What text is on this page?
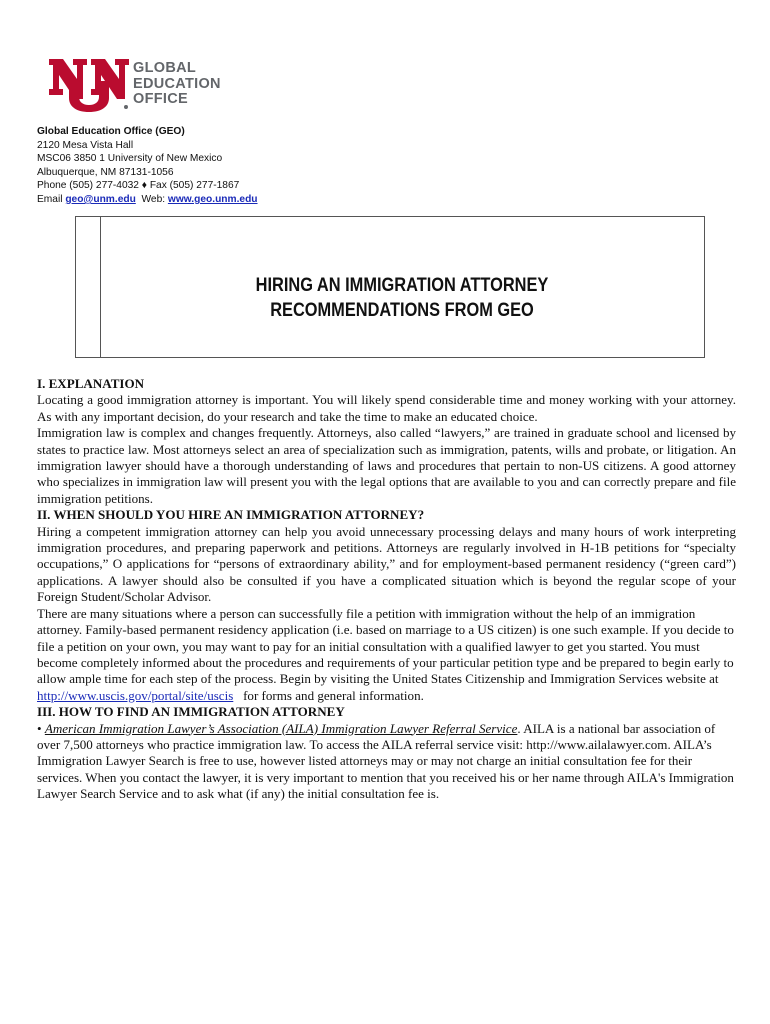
GLOBAL
EDUCATION
OFFICE
Global Education Office (GEO)
2120 Mesa Vista Hall
MSC06 3850 1 University of New Mexico
Albuquerque, NM 87131-1056
Phone (505) 277-4032 ♦ Fax (505) 277-1867
Email geo@unm.edu  Web: www.geo.unm.edu
HIRING AN IMMIGRATION ATTORNEY
RECOMMENDATIONS FROM GEO
I. EXPLANATION

Locating a good immigration attorney is important. You will likely spend considerable time and money working with your attorney. As with any important decision, do your research and take the time to make an educated choice.

Immigration law is complex and changes frequently. Attorneys, also called “lawyers,” are trained in graduate school and licensed by states to practice law. Most attorneys select an area of specialization such as immigration, patents, wills and probate, or litigation. An immigration lawyer should have a thorough understanding of laws and procedures that pertain to non-US citizens. A good attorney who specializes in immigration law will present you with the legal options that are available to you and can correctly prepare and file immigration petitions.

II. WHEN SHOULD YOU HIRE AN IMMIGRATION ATTORNEY?

Hiring a competent immigration attorney can help you avoid unnecessary processing delays and many hours of work interpreting immigration procedures, and preparing paperwork and petitions. Attorneys are regularly involved in H-1B petitions for “specialty occupations,” O applications for “persons of extraordinary ability,” and for employment-based permanent residency (“green card”) applications. A lawyer should also be consulted if you have a complicated situation which is beyond the regular scope of your Foreign Student/Scholar Advisor.

There are many situations where a person can successfully file a petition with immigration without the help of an immigration attorney. Family-based permanent residency application (i.e. based on marriage to a US citizen) is one such example. If you decide to file a petition on your own, you may want to pay for an initial consultation with a qualified lawyer to get you started. You must become completely informed about the procedures and requirements of your particular petition type and be prepared to begin early to allow ample time for each step of the process. Begin by visiting the United States Citizenship and Immigration Services website at http://www.uscis.gov/portal/site/uscis   for forms and general information.

III. HOW TO FIND AN IMMIGRATION ATTORNEY

• American Immigration Lawyer’s Association (AILA) Immigration Lawyer Referral Service. AILA is a national bar association of over 7,500 attorneys who practice immigration law. To access the AILA referral service visit: http://www.ailalawyer.com. AILA’s Immigration Lawyer Search is free to use, however listed attorneys may or may not charge an initial consultation fee for their services. When you contact the lawyer, it is very important to mention that you received his or her name through AILA's Immigration Lawyer Search Service and to ask what (if any) the initial consultation fee is.
